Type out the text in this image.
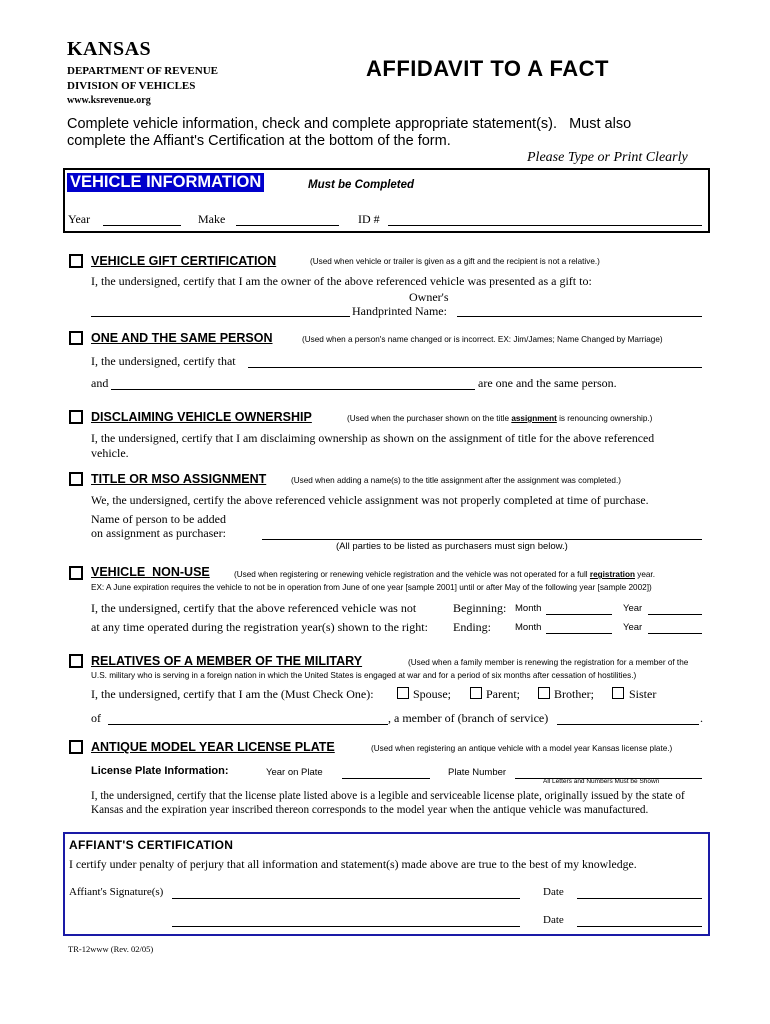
KANSAS
DEPARTMENT OF REVENUE
DIVISION OF VEHICLES
www.ksrevenue.org
AFFIDAVIT TO A FACT
Complete vehicle information, check and complete appropriate statement(s).   Must also
complete the Affiant's Certification at the bottom of the form.
Please Type or Print Clearly
VEHICLE INFORMATION	Must be Completed
Year	Make	ID #
VEHICLE GIFT CERTIFICATION	(Used when vehicle or trailer is given as a gift and the recipient is not a relative.)
I, the undersigned, certify that I am the owner of the above referenced vehicle was presented as a gift to:
Owner's
Handprinted Name:
ONE AND THE SAME PERSON	(Used when a person's name changed or is incorrect. EX: Jim/James; Name Changed by Marriage)
I, the undersigned, certify that
and	are one and the same person.
DISCLAIMING VEHICLE OWNERSHIP	(Used when the purchaser shown on the title assignment is renouncing ownership.)
I, the undersigned, certify that I am disclaiming ownership as shown on the assignment of title for the above referenced
vehicle.
TITLE OR MSO ASSIGNMENT	(Used when adding a name(s) to the title assignment after the assignment was completed.)
We, the undersigned, certify the above referenced vehicle assignment was not properly completed at time of purchase.
Name of person to be added
on assignment as purchaser:
(All parties to be listed as purchasers must sign below.)
VEHICLE  NON-USE	(Used when registering or renewing vehicle registration and the vehicle was not operated for a full registration year.
EX: A June expiration requires the vehicle to not be in operation from June of one year [sample 2001] until or after May of the following year [sample 2002])
I, the undersigned, certify that the above referenced vehicle was not
at any time operated during the registration year(s) shown to the right:
Beginning: Month	Year
Ending:	Month	Year
RELATIVES OF A MEMBER OF THE MILITARY	(Used when a family member is renewing the registration for a member of the
U.S. military who is serving in a foreign nation in which the United States is engaged at war and for a period of six months after cessation of hostilities.)
I, the undersigned, certify that I am the (Must Check One):	Spouse;	Parent;	Brother;	Sister
of	, a member of (branch of service)	.
ANTIQUE MODEL YEAR LICENSE PLATE	(Used when registering an antique vehicle with a model year Kansas license plate.)
License Plate Information:	Year on Plate	Plate Number
All Letters and Numbers Must be Shown
I, the undersigned, certify that the license plate listed above is a legible and serviceable license plate, originally issued by the state of
Kansas and the expiration year inscribed thereon corresponds to the model year when the antique vehicle was manufactured.
AFFIANT'S CERTIFICATION
I certify under penalty of perjury that all information and statement(s) made above are true to the best of my knowledge.
Affiant's Signature(s)	Date
Date
TR-12www (Rev. 02/05)
